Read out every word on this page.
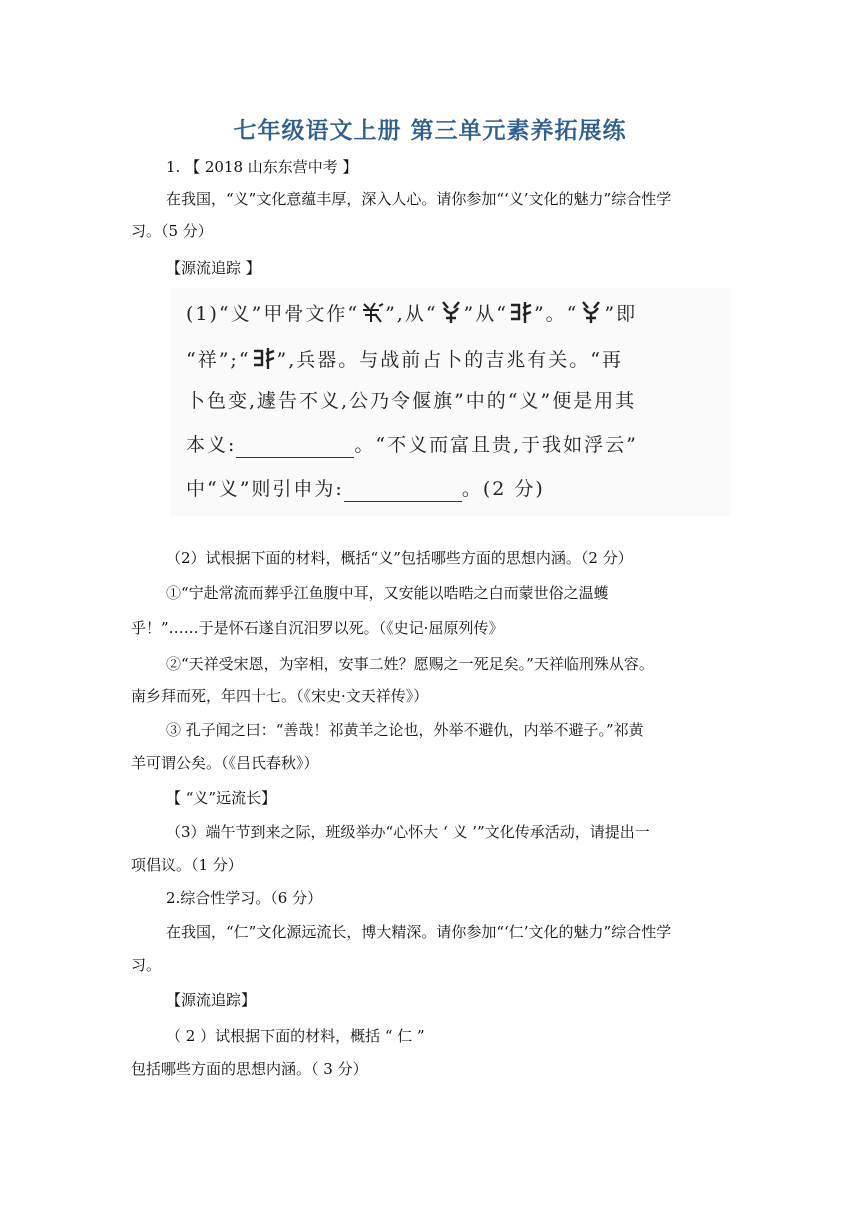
七年级语文上册 第三单元素养拓展练
1. 【 2018 山东东营中考 】
在我国，“义”文化意蕴丰厚，深入人心。请你参加“‘义’文化的魅力”综合性学
习。（5 分）
【源流追踪 】
(1)“义”甲骨文作“ ”,从“ ”从“ ”。“ ”即
“祥”;“ ”,兵器。与战前占卜的吉兆有关。“再
卜色变,遽告不义,公乃令偃旗”中的“义”便是用其
本义:	。“不义而富且贵,于我如浮云”
中“义”则引申为:	。(2 分)
（2）试根据下面的材料，概括“义”包括哪些方面的思想内涵。（2 分）
①“宁赴常流而葬乎江鱼腹中耳，又安能以晧晧之白而蒙世俗之温蠖
乎！”……于是怀石遂自沉汨罗以死。（《史记·屈原列传》
②“天祥受宋恩，为宰相，安事二姓？愿赐之一死足矣。”天祥临刑殊从容。
南乡拜而死，年四十七。（《宋史·文天祥传》）
③ 孔子闻之曰：“善哉！祁黄羊之论也，外举不避仇，内举不避子。”祁黄
羊可谓公矣。（《吕氏春秋》）
【 “义”远流长】
（3）端午节到来之际，班级举办“心怀大 ‘ 义 ’”文化传承活动，请提出一
项倡议。（1 分）
2.综合性学习。（6 分）
在我国，“仁”文化源远流长，博大精深。请你参加“‘仁’文化的魅力”综合性学
习。
【源流追踪】
（ 2 ）试根据下面的材料，概括 “ 仁 ”
包括哪些方面的思想内涵。（ 3 分）
